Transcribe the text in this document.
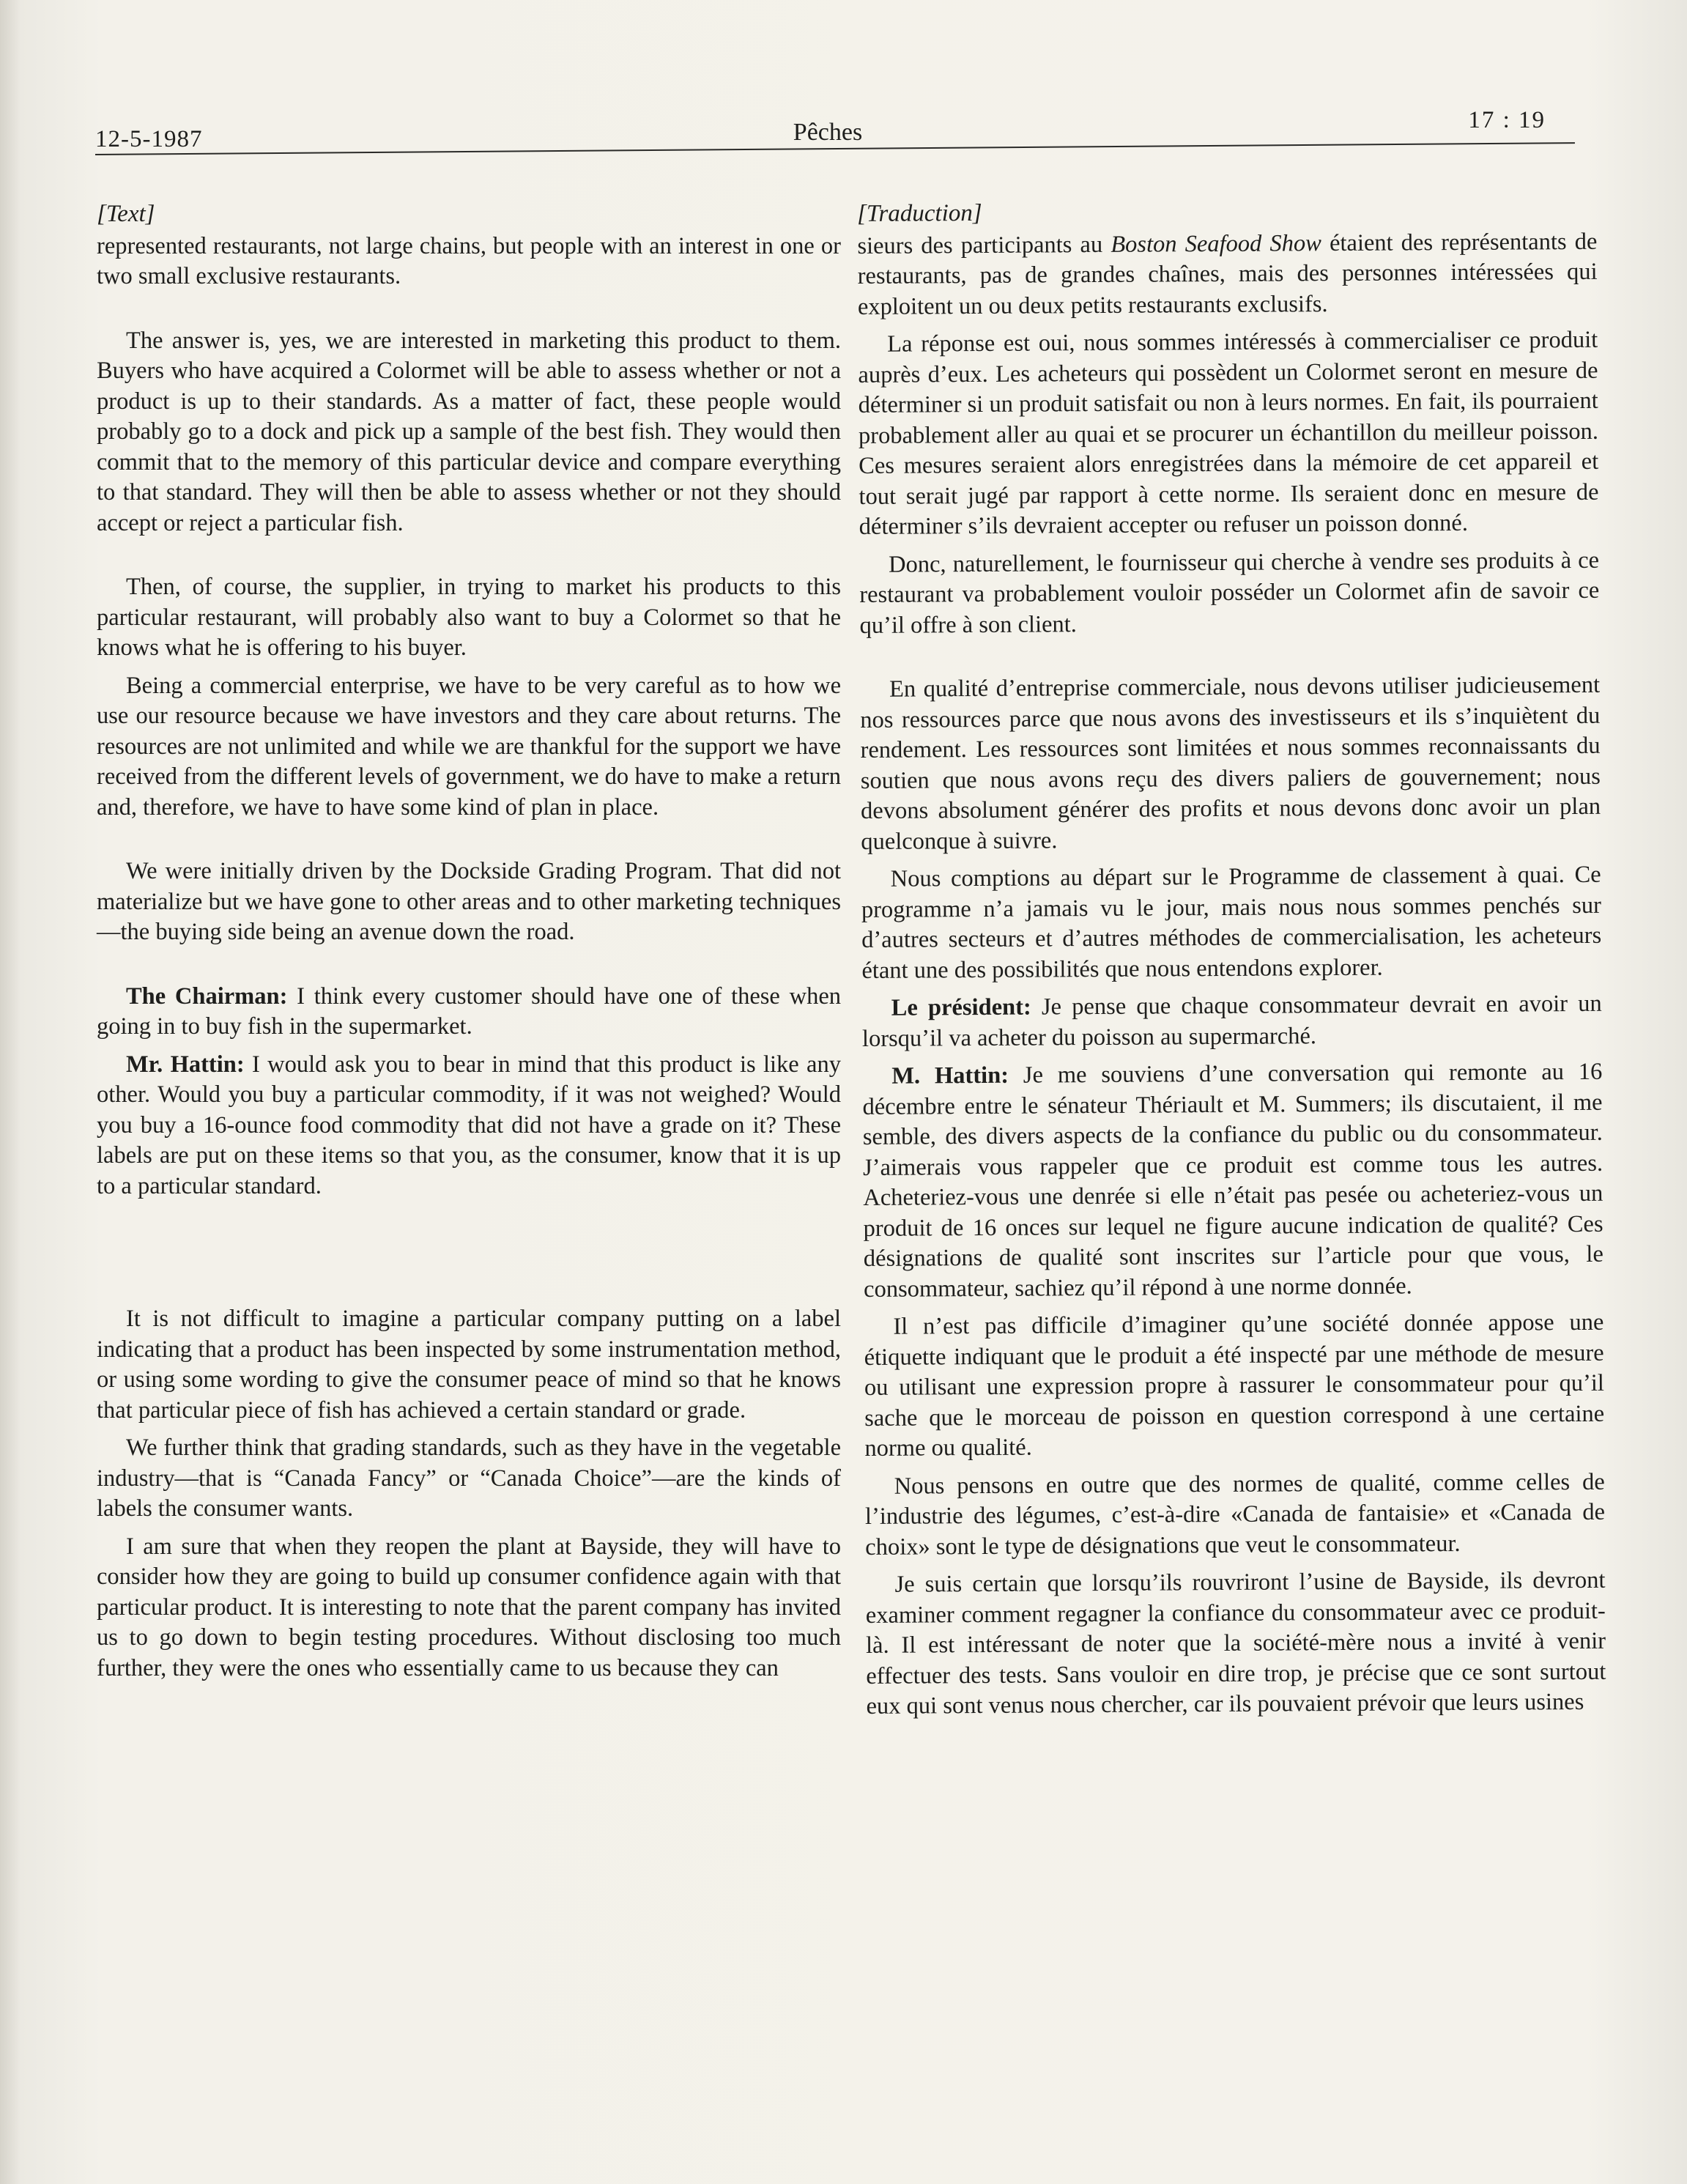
12-5-1987	Pêches	17 : 19

[Text]

represented restaurants, not large chains, but people with an interest in one or two small exclusive restaurants.

The answer is, yes, we are interested in marketing this product to them. Buyers who have acquired a Colormet will be able to assess whether or not a product is up to their standards. As a matter of fact, these people would probably go to a dock and pick up a sample of the best fish. They would then commit that to the memory of this particular device and compare everything to that standard. They will then be able to assess whether or not they should accept or reject a particular fish.

Then, of course, the supplier, in trying to market his products to this particular restaurant, will probably also want to buy a Colormet so that he knows what he is offering to his buyer.

Being a commercial enterprise, we have to be very careful as to how we use our resource because we have investors and they care about returns. The resources are not unlimited and while we are thankful for the support we have received from the different levels of government, we do have to make a return and, therefore, we have to have some kind of plan in place.

We were initially driven by the Dockside Grading Program. That did not materialize but we have gone to other areas and to other marketing techniques—the buying side being an avenue down the road.

The Chairman: I think every customer should have one of these when going in to buy fish in the supermarket.

Mr. Hattin: I would ask you to bear in mind that this product is like any other. Would you buy a particular commodity, if it was not weighed? Would you buy a 16-ounce food commodity that did not have a grade on it? These labels are put on these items so that you, as the consumer, know that it is up to a particular standard.

It is not difficult to imagine a particular company putting on a label indicating that a product has been inspected by some instrumentation method, or using some wording to give the consumer peace of mind so that he knows that particular piece of fish has achieved a certain standard or grade.

We further think that grading standards, such as they have in the vegetable industry—that is “Canada Fancy” or “Canada Choice”—are the kinds of labels the consumer wants.

I am sure that when they reopen the plant at Bayside, they will have to consider how they are going to build up consumer confidence again with that particular product. It is interesting to note that the parent company has invited us to go down to begin testing procedures. Without disclosing too much further, they were the ones who essentially came to us because they can

[Traduction]

sieurs des participants au Boston Seafood Show étaient des représentants de restaurants, pas de grandes chaînes, mais des personnes intéressées qui exploitent un ou deux petits restaurants exclusifs.

La réponse est oui, nous sommes intéressés à commercialiser ce produit auprès d’eux. Les acheteurs qui possèdent un Colormet seront en mesure de déterminer si un produit satisfait ou non à leurs normes. En fait, ils pourraient probablement aller au quai et se procurer un échantillon du meilleur poisson. Ces mesures seraient alors enregistrées dans la mémoire de cet appareil et tout serait jugé par rapport à cette norme. Ils seraient donc en mesure de déterminer s’ils devraient accepter ou refuser un poisson donné.

Donc, naturellement, le fournisseur qui cherche à vendre ses produits à ce restaurant va probablement vouloir posséder un Colormet afin de savoir ce qu’il offre à son client.

En qualité d’entreprise commerciale, nous devons utiliser judicieusement nos ressources parce que nous avons des investisseurs et ils s’inquiètent du rendement. Les ressources sont limitées et nous sommes reconnaissants du soutien que nous avons reçu des divers paliers de gouvernement; nous devons absolument générer des profits et nous devons donc avoir un plan quelconque à suivre.

Nous comptions au départ sur le Programme de classement à quai. Ce programme n’a jamais vu le jour, mais nous nous sommes penchés sur d’autres secteurs et d’autres méthodes de commercialisation, les acheteurs étant une des possibilités que nous entendons explorer.

Le président: Je pense que chaque consommateur devrait en avoir un lorsqu’il va acheter du poisson au supermarché.

M. Hattin: Je me souviens d’une conversation qui remonte au 16 décembre entre le sénateur Thériault et M. Summers; ils discutaient, il me semble, des divers aspects de la confiance du public ou du consommateur. J’aimerais vous rappeler que ce produit est comme tous les autres. Acheteriez-vous une denrée si elle n’était pas pesée ou acheteriez-vous un produit de 16 onces sur lequel ne figure aucune indication de qualité? Ces désignations de qualité sont inscrites sur l’article pour que vous, le consommateur, sachiez qu’il répond à une norme donnée.

Il n’est pas difficile d’imaginer qu’une société donnée appose une étiquette indiquant que le produit a été inspecté par une méthode de mesure ou utilisant une expression propre à rassurer le consommateur pour qu’il sache que le morceau de poisson en question correspond à une certaine norme ou qualité.

Nous pensons en outre que des normes de qualité, comme celles de l’industrie des légumes, c’est-à-dire «Canada de fantaisie» et «Canada de choix» sont le type de désignations que veut le consommateur.

Je suis certain que lorsqu’ils rouvriront l’usine de Bayside, ils devront examiner comment regagner la confiance du consommateur avec ce produit-là. Il est intéressant de noter que la société-mère nous a invité à venir effectuer des tests. Sans vouloir en dire trop, je précise que ce sont surtout eux qui sont venus nous chercher, car ils pouvaient prévoir que leurs usines
